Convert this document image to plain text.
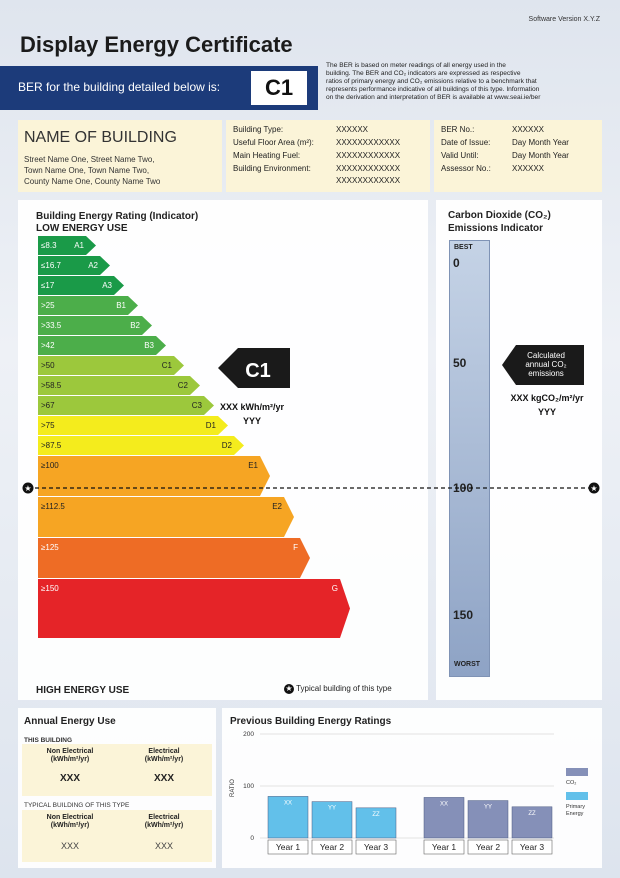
Software Version X.Y.Z
Display Energy Certificate
BER for the building detailed below is:	C1
The BER is based on meter readings of all energy used in the
building. The BER and CO₂ indicators are expressed as respective
ratios of primary energy and CO₂ emissions relative to a benchmark that
represents performance indicative of all buildings of this type. Information
on the derivation and interpretation of BER is available at www.seai.ie/ber
NAME OF BUILDING
Street Name One, Street Name Two,
Town Name One, Town Name Two,
County Name One, County Name Two
Building Type:	XXXXXX
Useful Floor Area (m²):	XXXXXXXXXXXX
Main Heating Fuel:	XXXXXXXXXXXX
Building Environment:	XXXXXXXXXXXX
XXXXXXXXXXXX
BER No.:	XXXXXX
Date of Issue:	Day Month Year
Valid Until:	Day Month Year
Assessor No.:	XXXXXX
Building Energy Rating (Indicator)
LOW ENERGY USE
HIGH ENERGY USE	★ Typical building of this type
Carbon Dioxide (CO₂)
Emissions Indicator
BEST
WORST
0
50
100
150
≤8.3 A1
≤16.7	A2
≤17	A3
>25	B1
>33.5	B2
>42	B3
>50	C1
>58.5	C2
>67	C3
>75	D1
>87.5	D2
≥100	E1
≥112.5	E2
≥125	F
≥150	G
C1
XXX kWh/m²/yr
YYY
Calculated
annual CO₂
emissions
XXX kgCO₂/m²/yr
YYY
★	★
Annual Energy Use
THIS BUILDING
Non Electrical
(kWh/m²/yr)
Electrical
(kWh/m²/yr)
XXX	XXX
TYPICAL BUILDING OF THIS TYPE
Non Electrical
(kWh/m²/yr)
Electrical
(kWh/m²/yr)
XXX	XXX
Previous Building Energy Ratings
RATIO
0
100
200
XX
Year 1
YY
Year 2
ZZ
Year 3
XX
Year 1
YY
Year 2
ZZ
Year 3
CO₂
Primary
Energy
